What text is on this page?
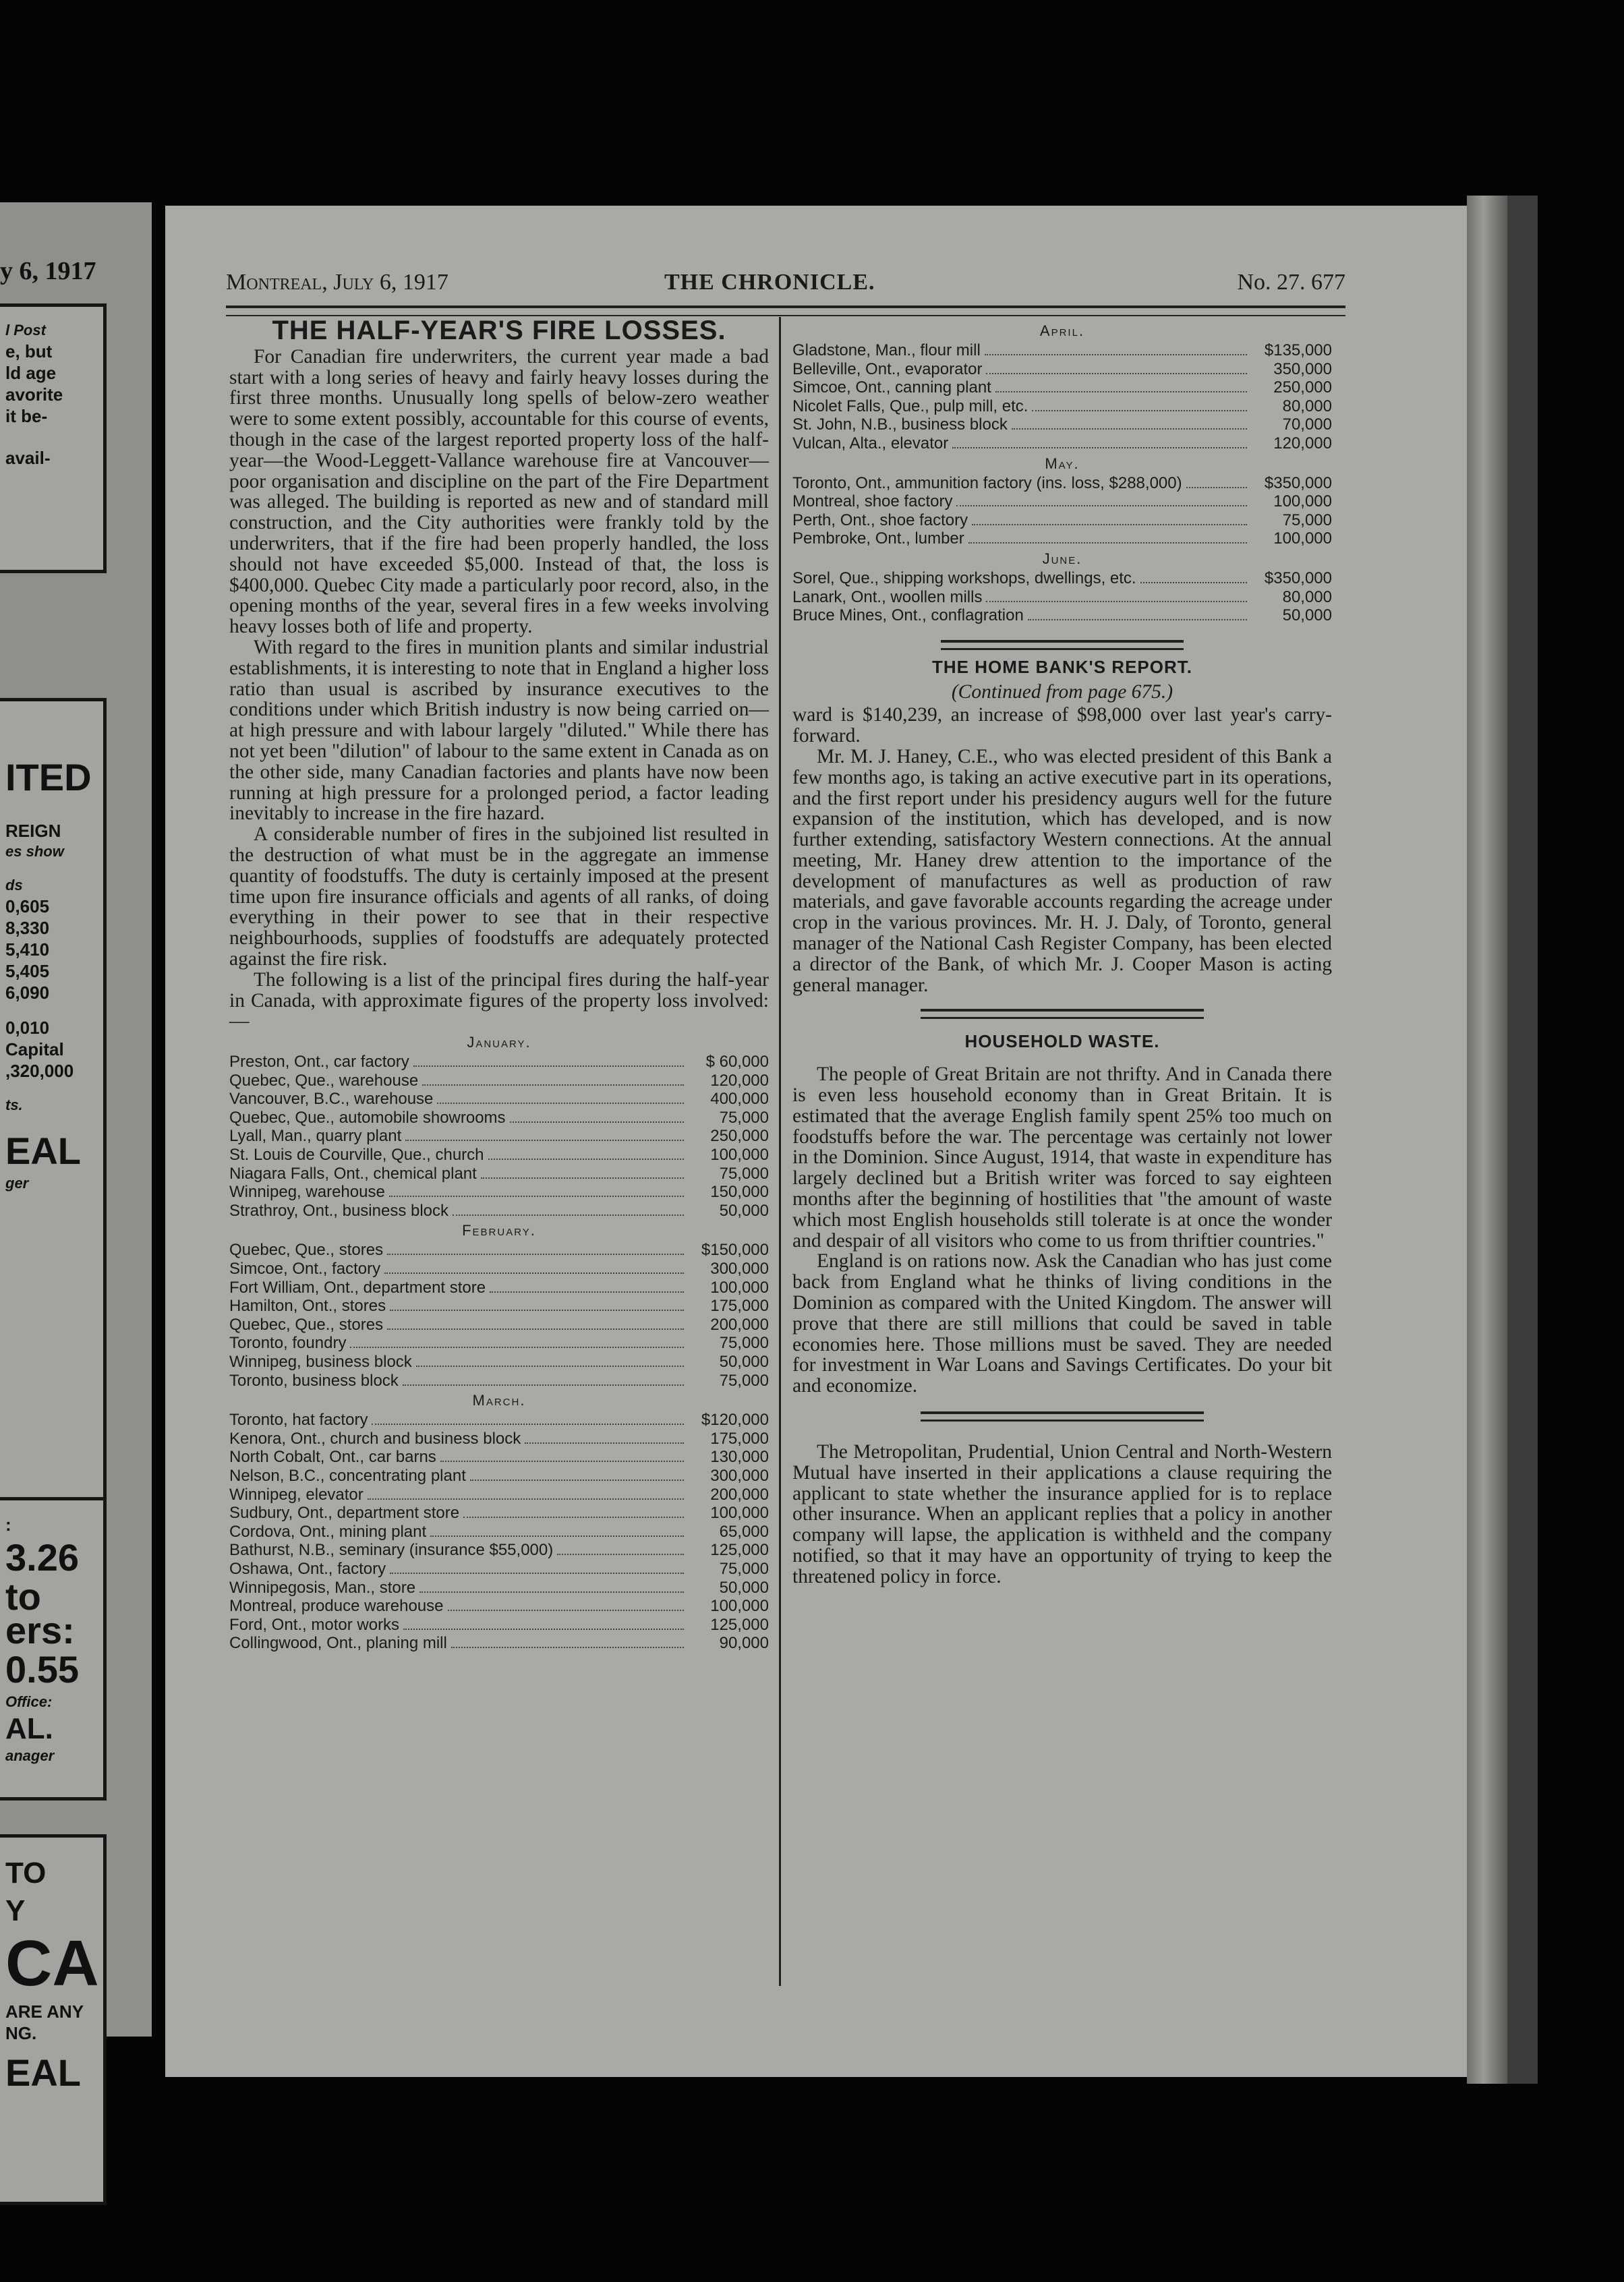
y 6, 1917
l Post
e, but
ld age
avorite
it be-
avail-
ITED
REIGN
es show
ds
0,605
8,330
5,410
5,405
6,090
0,010
Capital
,320,000
ts.
EAL
ger
:
3.26
to
ers:
0.55
Office:
AL.
anager
TO
Y
CA
ARE ANY
NG.
EAL
Montreal, July 6, 1917	THE CHRONICLE.	No. 27. 677
THE HALF-YEAR'S FIRE LOSSES.

For Canadian fire underwriters, the current year made a bad start with a long series of heavy and fairly heavy losses during the first three months. Unusually long spells of below-zero weather were to some extent possibly, accountable for this course of events, though in the case of the largest reported property loss of the half-year—the Wood-Leggett-Vallance warehouse fire at Vancouver—poor organisation and discipline on the part of the Fire Department was alleged. The building is reported as new and of standard mill construction, and the City authorities were frankly told by the underwriters, that if the fire had been properly handled, the loss should not have exceeded $5,000. Instead of that, the loss is $400,000. Quebec City made a particularly poor record, also, in the opening months of the year, several fires in a few weeks involving heavy losses both of life and property.

With regard to the fires in munition plants and similar industrial establishments, it is interesting to note that in England a higher loss ratio than usual is ascribed by insurance executives to the conditions under which British industry is now being carried on—at high pressure and with labour largely "diluted." While there has not yet been "dilution" of labour to the same extent in Canada as on the other side, many Canadian factories and plants have now been running at high pressure for a prolonged period, a factor leading inevitably to increase in the fire hazard.

A considerable number of fires in the subjoined list resulted in the destruction of what must be in the aggregate an immense quantity of foodstuffs. The duty is certainly imposed at the present time upon fire insurance officials and agents of all ranks, of doing everything in their power to see that in their respective neighbourhoods, supplies of foodstuffs are adequately protected against the fire risk.

The following is a list of the principal fires during the half-year in Canada, with approximate figures of the property loss involved:—

January.
Preston, Ont., car factory	$ 60,000
Quebec, Que., warehouse	120,000
Vancouver, B.C., warehouse	400,000
Quebec, Que., automobile showrooms	75,000
Lyall, Man., quarry plant	250,000
St. Louis de Courville, Que., church	100,000
Niagara Falls, Ont., chemical plant	75,000
Winnipeg, warehouse	150,000
Strathroy, Ont., business block	50,000
February.
Quebec, Que., stores	$150,000
Simcoe, Ont., factory	300,000
Fort William, Ont., department store	100,000
Hamilton, Ont., stores	175,000
Quebec, Que., stores	200,000
Toronto, foundry	75,000
Winnipeg, business block	50,000
Toronto, business block	75,000
March.
Toronto, hat factory	$120,000
Kenora, Ont., church and business block	175,000
North Cobalt, Ont., car barns	130,000
Nelson, B.C., concentrating plant	300,000
Winnipeg, elevator	200,000
Sudbury, Ont., department store	100,000
Cordova, Ont., mining plant	65,000
Bathurst, N.B., seminary (insurance $55,000)	125,000
Oshawa, Ont., factory	75,000
Winnipegosis, Man., store	50,000
Montreal, produce warehouse	100,000
Ford, Ont., motor works	125,000
Collingwood, Ont., planing mill	90,000
April.
Gladstone, Man., flour mill	$135,000
Belleville, Ont., evaporator	350,000
Simcoe, Ont., canning plant	250,000
Nicolet Falls, Que., pulp mill, etc.	80,000
St. John, N.B., business block	70,000
Vulcan, Alta., elevator	120,000
May.
Toronto, Ont., ammunition factory (ins. loss, $288,000)	$350,000
Montreal, shoe factory	100,000
Perth, Ont., shoe factory	75,000
Pembroke, Ont., lumber	100,000
June.
Sorel, Que., shipping workshops, dwellings, etc.	$350,000
Lanark, Ont., woollen mills	80,000
Bruce Mines, Ont., conflagration	50,000
THE HOME BANK'S REPORT.
(Continued from page 675.)

ward is $140,239, an increase of $98,000 over last year's carry-forward.

Mr. M. J. Haney, C.E., who was elected president of this Bank a few months ago, is taking an active executive part in its operations, and the first report under his presidency augurs well for the future expansion of the institution, which has developed, and is now further extending, satisfactory Western connections. At the annual meeting, Mr. Haney drew attention to the importance of the development of manufactures as well as production of raw materials, and gave favorable accounts regarding the acreage under crop in the various provinces. Mr. H. J. Daly, of Toronto, general manager of the National Cash Register Company, has been elected a director of the Bank, of which Mr. J. Cooper Mason is acting general manager.

HOUSEHOLD WASTE.

The people of Great Britain are not thrifty. And in Canada there is even less household economy than in Great Britain. It is estimated that the average English family spent 25% too much on foodstuffs before the war. The percentage was certainly not lower in the Dominion. Since August, 1914, that waste in expenditure has largely declined but a British writer was forced to say eighteen months after the beginning of hostilities that "the amount of waste which most English households still tolerate is at once the wonder and despair of all visitors who come to us from thriftier countries."

England is on rations now. Ask the Canadian who has just come back from England what he thinks of living conditions in the Dominion as compared with the United Kingdom. The answer will prove that there are still millions that could be saved in table economies here. Those millions must be saved. They are needed for investment in War Loans and Savings Certificates. Do your bit and economize.

The Metropolitan, Prudential, Union Central and North-Western Mutual have inserted in their applications a clause requiring the applicant to state whether the insurance applied for is to replace other insurance. When an applicant replies that a policy in another company will lapse, the application is withheld and the company notified, so that it may have an opportunity of trying to keep the threatened policy in force.
